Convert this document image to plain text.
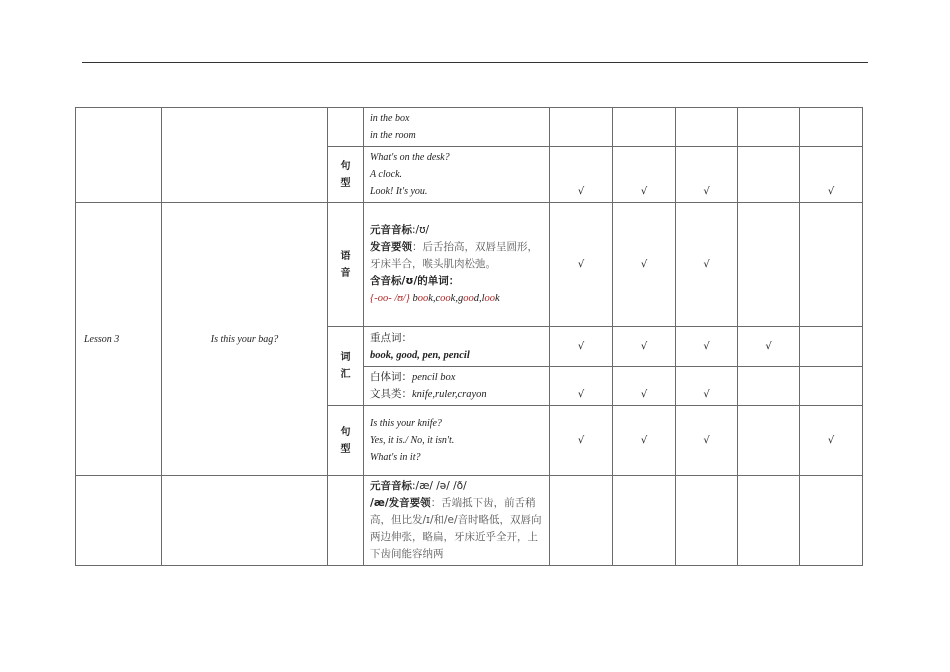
			in the box
in the room					

		句
型	What's on the desk?
A clock.
Look! It's you.	√	√	√		√
Lesson 3	Is this your bag?	语
音	元音音标:/ʊ/
发音要领：后舌抬高，双唇呈圆形，牙床半合，喉头肌肉松弛。
含音标/ʊ/的单词：
{-oo- /ʊ/} book,cook,good,look	√	√	√		

		词
汇	重点词：
book, good, pen, pencil	√	√	√	√	

			白体词：pencil box
文具类：knife,ruler,crayon	√	√	√		

		句
型	Is this your knife?
Yes, it is./ No, it isn't.
What's in it?	√	√	√		√

			元音音标:/æ/ /ə/ /ð/
/æ/发音要领：舌端抵下齿，前舌稍高，但比发/ɪ/和/e/音时略低，双唇向两边伸张，略扁，牙床近乎全开，上下齿间能容纳两					
